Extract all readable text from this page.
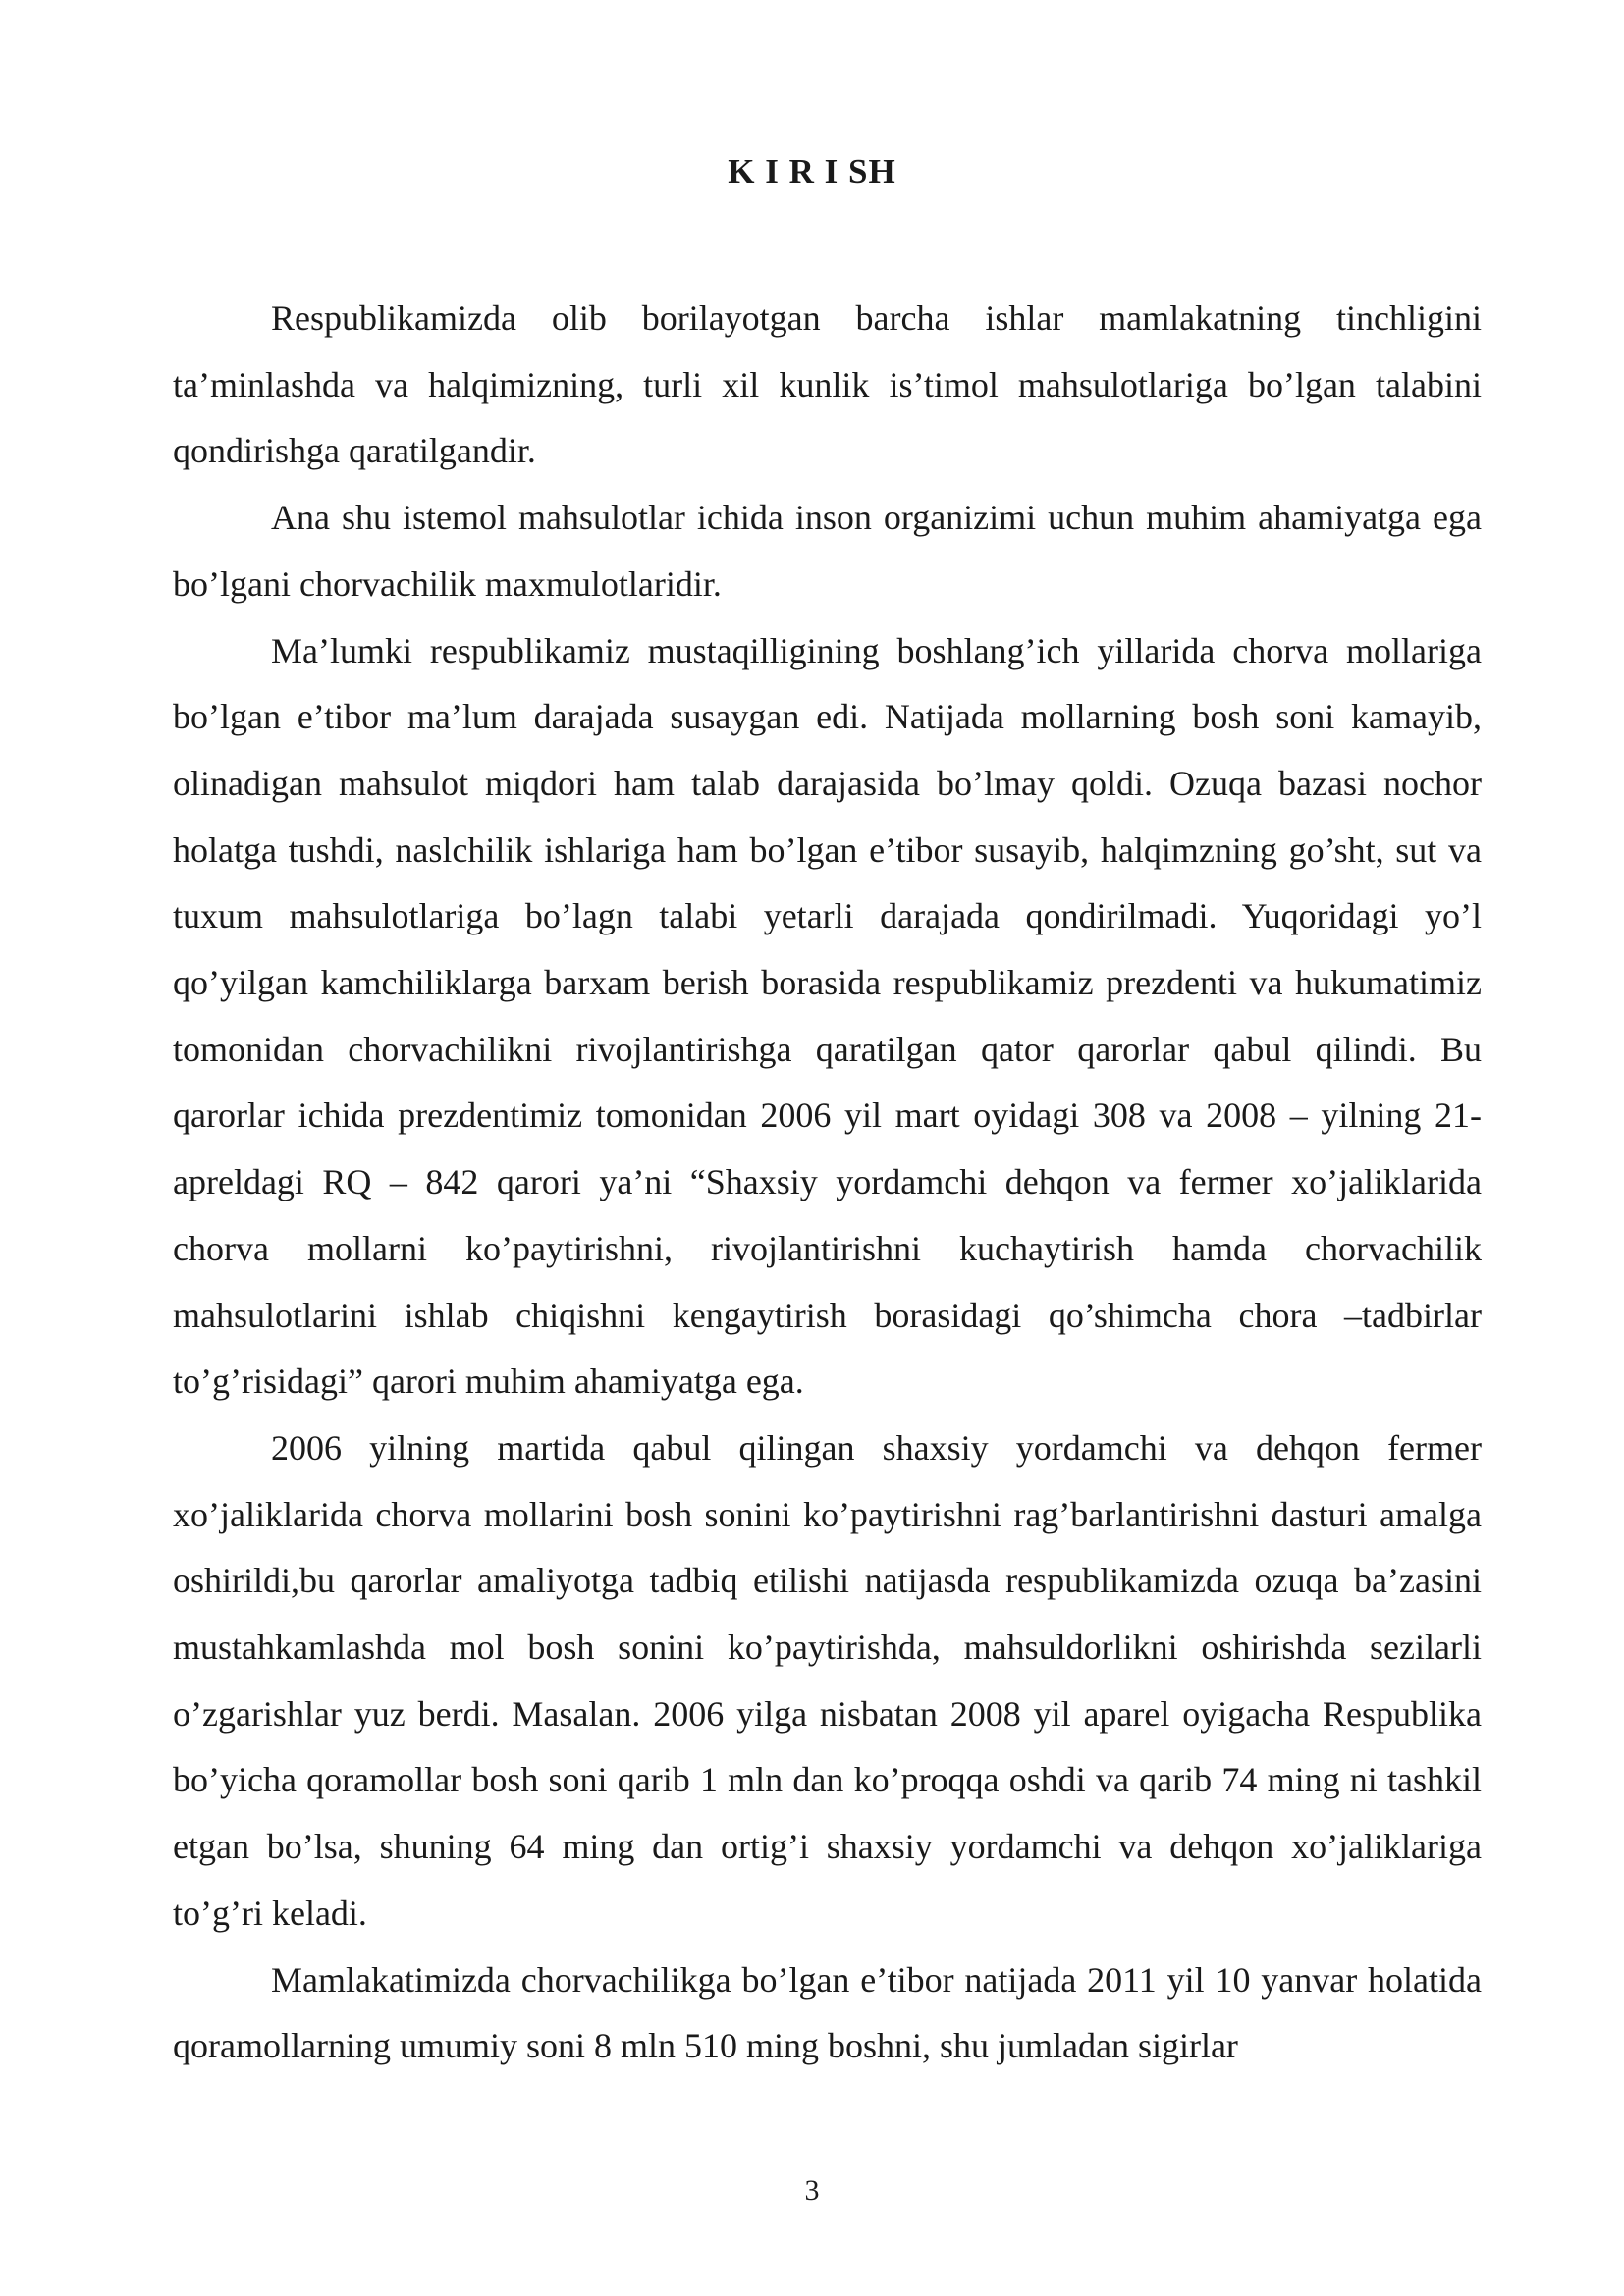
K I R I SH

Respublikamizda olib borilayotgan barcha ishlar mamlakatning tinchligini ta’minlashda va halqimizning, turli xil kunlik is’timol mahsulotlariga bo’lgan talabini qondirishga qaratilgandir.

Ana shu istemol mahsulotlar ichida inson organizimi uchun muhim ahamiyatga ega bo’lgani chorvachilik maxmulotlaridir.

Ma’lumki respublikamiz mustaqilligining boshlang’ich yillarida chorva mollariga bo’lgan e’tibor ma’lum darajada susaygan edi. Natijada mollarning bosh soni kamayib, olinadigan mahsulot miqdori ham talab darajasida bo’lmay qoldi. Ozuqa bazasi nochor holatga tushdi, naslchilik ishlariga ham bo’lgan e’tibor susayib, halqimzning go’sht, sut va tuxum mahsulotlariga bo’lagn talabi yetarli darajada qondirilmadi. Yuqoridagi yo’l qo’yilgan kamchiliklarga barxam berish borasida respublikamiz prezdenti va hukumatimiz tomonidan chorvachilikni rivojlantirishga qaratilgan qator qarorlar qabul qilindi. Bu qarorlar ichida prezdentimiz tomonidan 2006 yil mart oyidagi 308 va 2008 – yilning 21-apreldagi RQ – 842 qarori ya’ni “Shaxsiy yordamchi dehqon va fermer xo’jaliklarida chorva mollarni ko’paytirishni, rivojlantirishni kuchaytirish hamda chorvachilik mahsulotlarini ishlab chiqishni kengaytirish borasidagi qo’shimcha chora –tadbirlar to’g’risidagi” qarori muhim ahamiyatga ega.

2006 yilning martida qabul qilingan shaxsiy yordamchi va dehqon fermer xo’jaliklarida chorva mollarini bosh sonini ko’paytirishni rag’barlantirishni dasturi amalga oshirildi,bu qarorlar amaliyotga tadbiq etilishi natijasda respublikamizda ozuqa ba’zasini mustahkamlashda mol bosh sonini ko’paytirishda, mahsuldorlikni oshirishda sezilarli o’zgarishlar yuz berdi. Masalan. 2006 yilga nisbatan 2008 yil aparel oyigacha Respublika bo’yicha qoramollar bosh soni qarib 1 mln dan ko’proqqa oshdi va qarib 74 ming ni tashkil etgan bo’lsa, shuning 64 ming dan ortig’i shaxsiy yordamchi va dehqon xo’jaliklariga to’g’ri keladi.

Mamlakatimizda chorvachilikga bo’lgan e’tibor natijada 2011 yil 10 yanvar holatida qoramollarning umumiy soni 8 mln 510 ming boshni, shu jumladan sigirlar

3
